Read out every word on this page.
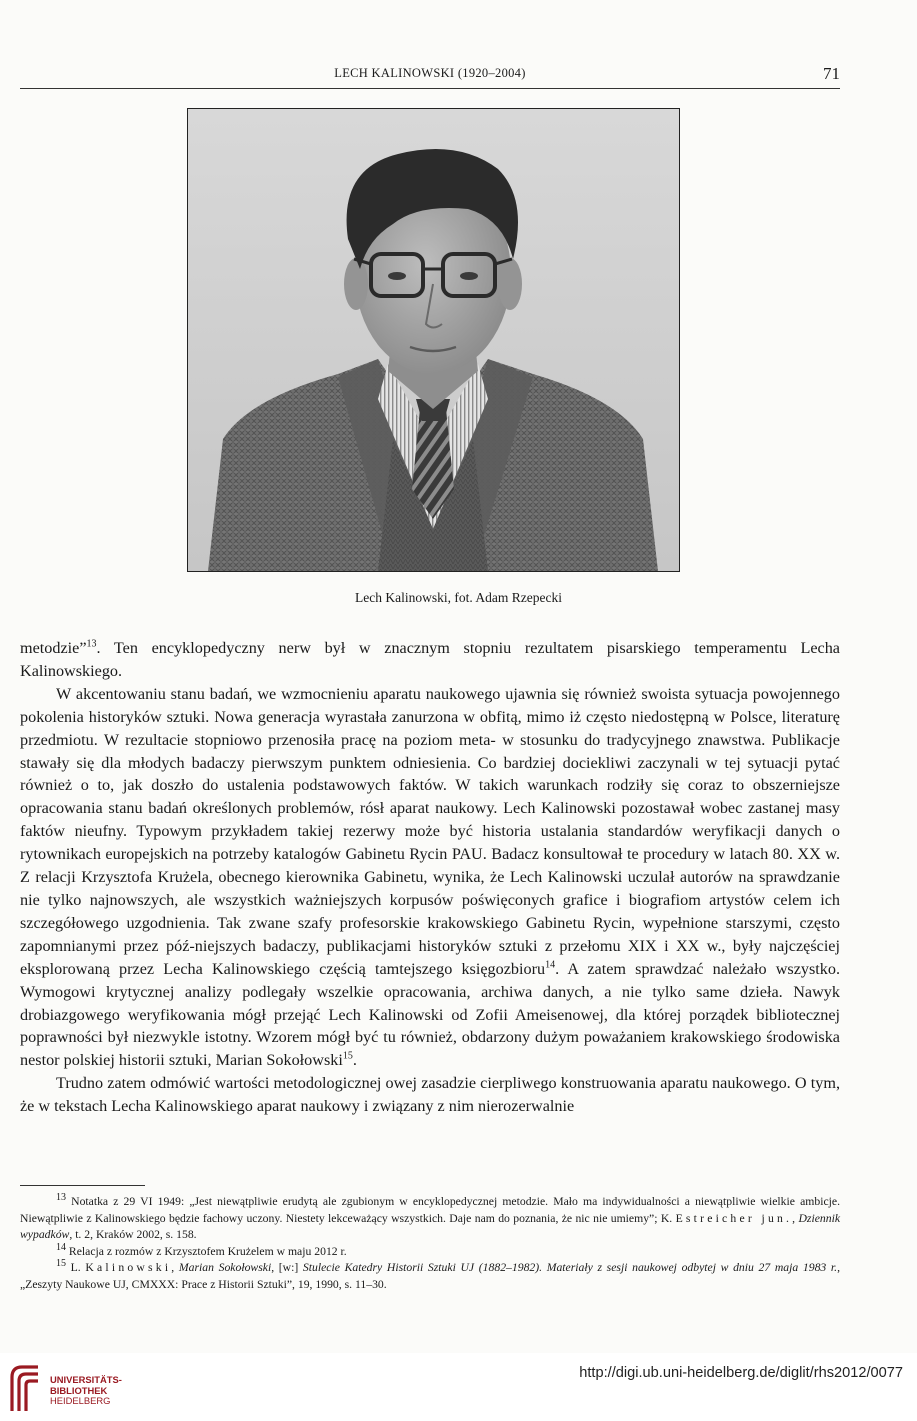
LECH KALINOWSKI (1920–2004)	71
Lech Kalinowski, fot. Adam Rzepecki

metodzie”$^{13}$. Ten encyklopedyczny nerw był w znacznym stopniu rezultatem pisarskiego temperamentu Lecha Kalinowskiego.

W akcentowaniu stanu badań, we wzmocnieniu aparatu naukowego ujawnia się również swoista sytuacja powojennego pokolenia historyków sztuki. Nowa generacja wyrastała zanurzona w obfitą, mimo iż często niedostępną w Polsce, literaturę przedmiotu. W rezultacie stopniowo przenosiła pracę na poziom meta- w stosunku do tradycyjnego znawstwa. Publikacje stawały się dla młodych badaczy pierwszym punktem odniesienia. Co bardziej dociekliwi zaczynali w tej sytuacji pytać również o to, jak doszło do ustalenia podstawowych faktów. W takich warunkach rodziły się coraz to obszerniejsze opracowania stanu badań określonych problemów, rósł aparat naukowy. Lech Kalinowski pozostawał wobec zastanej masy faktów nieufny. Typowym przykładem takiej rezerwy może być historia ustalania standardów weryfikacji danych o rytownikach europejskich na potrzeby katalogów Gabinetu Rycin PAU. Badacz konsultował te procedury w latach 80. XX w. Z relacji Krzysztofa Krużela, obecnego kierownika Gabinetu, wynika, że Lech Kalinowski uczulał autorów na sprawdzanie nie tylko najnowszych, ale wszystkich ważniejszych korpusów poświęconych grafice i biografiom artystów celem ich szczegółowego uzgodnienia. Tak zwane szafy profesorskie krakowskiego Gabinetu Rycin, wypełnione starszymi, często zapomnianymi przez póź-niejszych badaczy, publikacjami historyków sztuki z przełomu XIX i XX w., były najczęściej eksplorowaną przez Lecha Kalinowskiego częścią tamtejszego księgozbioru$^{14}$. A zatem sprawdzać należało wszystko. Wymogowi krytycznej analizy podlegały wszelkie opracowania, archiwa danych, a nie tylko same dzieła. Nawyk drobiazgowego weryfikowania mógł przejąć Lech Kalinowski od Zofii Ameisenowej, dla której porządek bibliotecznej poprawności był niezwykle istotny. Wzorem mógł być tu również, obdarzony dużym poważaniem krakowskiego środowiska nestor polskiej historii sztuki, Marian Sokołowski$^{15}$.

Trudno zatem odmówić wartości metodologicznej owej zasadzie cierpliwego konstruowania aparatu naukowego. O tym, że w tekstach Lecha Kalinowskiego aparat naukowy i związany z nim nierozerwalnie

$^{13}$ Notatka z 29 VI 1949: „Jest niewątpliwie erudytą ale zgubionym w encyklopedycznej metodzie. Mało ma indywidualności a niewątpliwie wielkie ambicje. Niewątpliwie z Kalinowskiego będzie fachowy uczony. Niestety lekceważący wszystkich. Daje nam do poznania, że nic nie umiemy”; K. Estreicher jun., Dziennik wypadków, t. 2, Kraków 2002, s. 158.

$^{14}$ Relacja z rozmów z Krzysztofem Krużelem w maju 2012 r.

$^{15}$ L. Kalinowski, Marian Sokołowski, [w:] Stulecie Katedry Historii Sztuki UJ (1882–1982). Materiały z sesji naukowej odbytej w dniu 27 maja 1983 r., „Zeszyty Naukowe UJ, CMXXX: Prace z Historii Sztuki”, 19, 1990, s. 11–30.

UNIVERSITÄTS-
BIBLIOTHEK
HEIDELBERG
http://digi.ub.uni-heidelberg.de/diglit/rhs2012/0077
